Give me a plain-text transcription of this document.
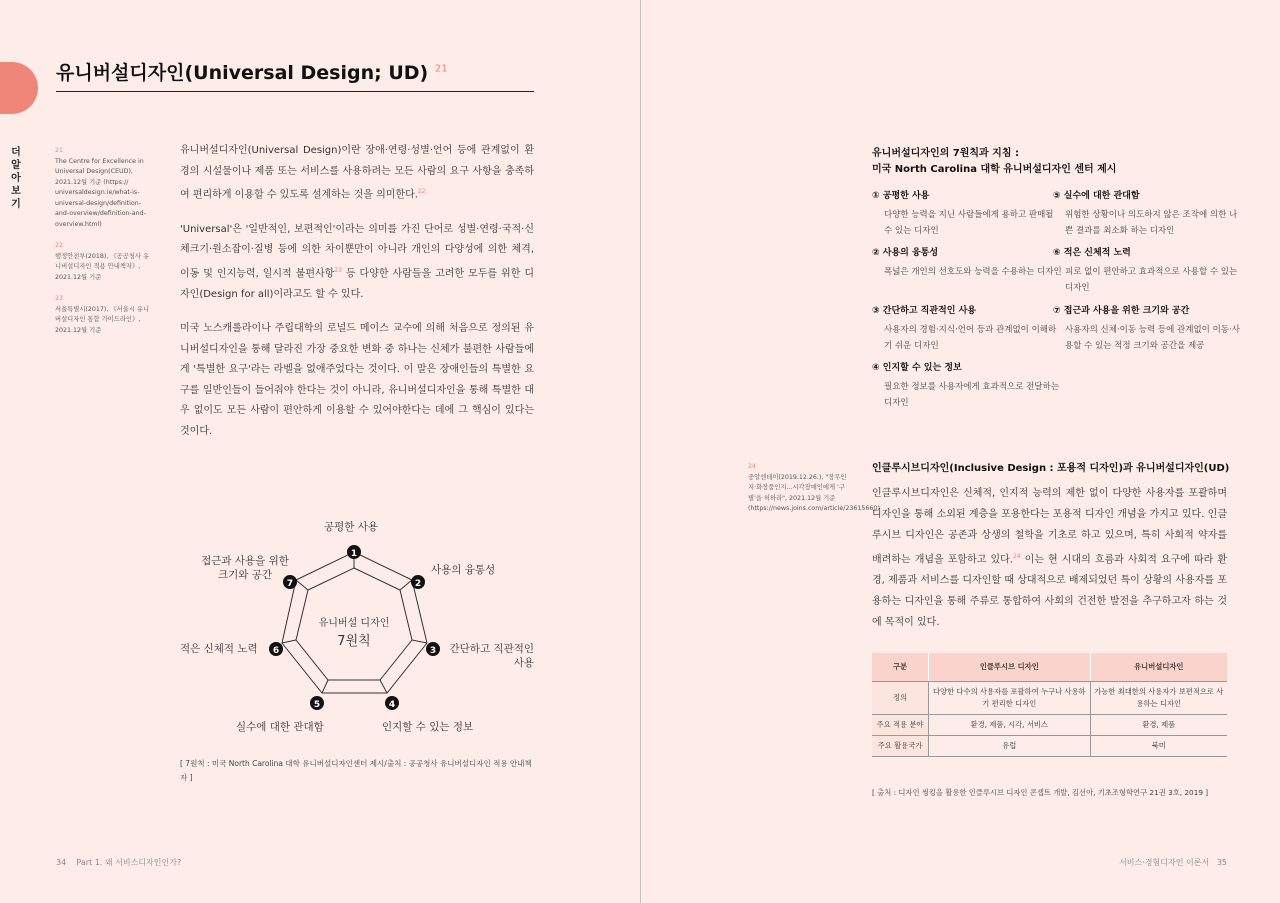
더알아보기
유니버설디자인(Universal Design; UD) $^{21}$
21
The Centre for Excellence in Universal Design(CEUD), 2021.12월 기준 (https:// universaldesign.ie/what-is-universal-design/definition-and-overview/definition-and-overview.html)
22
행정안전부(2018), 《공공청사 유니버설디자인 적용 안내책자》, 2021.12월 기준
23
서울특별시(2017), 《서울시 유니버설디자인 통합 가이드라인》, 2021.12월 기준

유니버설디자인(Universal Design)이란 장애·연령·성별·언어 등에 관계없이 환경의 시설물이나 제품 또는 서비스를 사용하려는 모든 사람의 요구 사항을 충족하여 편리하게 이용할 수 있도록 설계하는 것을 의미한다.$^{22}$

'Universal'은 '일반적인, 보편적인'이라는 의미를 가진 단어로 성별·연령·국적·신체크기·원소잡이·질병 등에 의한 차이뿐만이 아니라 개인의 다양성에 의한 체격, 이동 및 인지능력, 일시적 불편사항$^{23}$ 등 다양한 사람들을 고려한 모두를 위한 디자인(Design for all)이라고도 할 수 있다.

미국 노스캐롤라이나 주립대학의 로널드 메이스 교수에 의해 처음으로 정의된 유니버설디자인을 통해 달라진 가장 중요한 변화 중 하나는 신체가 불편한 사람들에게 '특별한 요구'라는 라벨을 없애주었다는 것이다. 이 말은 장애인들의 특별한 요구를 일반인들이 들어줘야 한다는 것이 아니라, 유니버설디자인을 통해 특별한 대우 없이도 모든 사람이 편안하게 이용할 수 있어야한다는 데에 그 핵심이 있다는 것이다.

1
2
3
4
5
6
7
유니버설 디자인
7원칙
공평한 사용
사용의 융통성
간단하고 직관적인 사용
인지할 수 있는 정보
실수에 대한 관대함
적은 신체적 노력
접근과 사용을 위한 크기와 공간
[ 7원칙 : 미국 North Carolina 대학 유니버설디자인센터 제시/출처 : 공공청사 유니버설디자인 적용 안내책자 ]
34 Part 1. 왜 서비스디자인인가?
유니버설디자인의 7원칙과 지침 :
미국 North Carolina 대학 유니버설디자인 센터 제시
① 공평한 사용
다양한 능력을 지닌 사람들에게 용하고 판매될 수 있는 디자인
② 사용의 융통성
폭넓은 개인의 선호도와 능력을 수용하는 디자인
③ 간단하고 직관적인 사용
사용자의 경험·지식·언어 등과 관계없이 이해하기 쉬운 디자인
④ 인지할 수 있는 정보
필요한 정보를 사용자에게 효과적으로 전달하는 디자인
⑤ 실수에 대한 관대함
위험한 상황이나 의도하지 않은 조작에 의한 나쁜 결과를 최소화 하는 디자인
⑥ 적은 신체적 노력
피로 없이 편안하고 효과적으로 사용할 수 있는 디자인
⑦ 접근과 사용을 위한 크기와 공간
사용자의 신체·이동 능력 등에 관계없이 이동·사용할 수 있는 적정 크기와 공간을 제공
24
중앙센데이(2019.12.26.), "장무인지·화장품인지...시각장애인에게 '구별'을 허하라", 2021.12월 기준 (https://news.joins.com/article/23615660)
인클루시브디자인(Inclusive Design : 포용적 디자인)과 유니버설디자인(UD)
인클루시브디자인은 신체적, 인지적 능력의 제한 없이 다양한 사용자를 포괄하며 디자인을 통해 소외된 계층을 포용한다는 포용적 디자인 개념을 가지고 있다. 인클루시브 디자인은 공존과 상생의 철학을 기초로 하고 있으며, 특히 사회적 약자를 배려하는 개념을 포함하고 있다.$^{24}$ 이는 현 시대의 흐름과 사회적 요구에 따라 환경, 제품과 서비스를 디자인할 때 상대적으로 배제되었던 특이 상황의 사용자를 포용하는 디자인을 통해 주류로 통합하여 사회의 건전한 발전을 추구하고자 하는 것에 목적이 있다.
구분	인클루시브 디자인	유니버설디자인
정의	다양한 다수의 사용자를 포괄하여 누구나 사용하기 편리한 디자인	가능한 최대한의 사용자가 보편적으로 사용하는 디자인
주요 적용 분야	환경, 제품, 시각, 서비스	환경, 제품
주요 활용국가	유럽	북미
[ 출처 : 디자인 씽킹을 활용한 인클루시브 디자인 콘셉트 개발, 김선아, 기초조형학연구 21권 3호, 2019 ]
서비스·경험디자인 이론서 35
